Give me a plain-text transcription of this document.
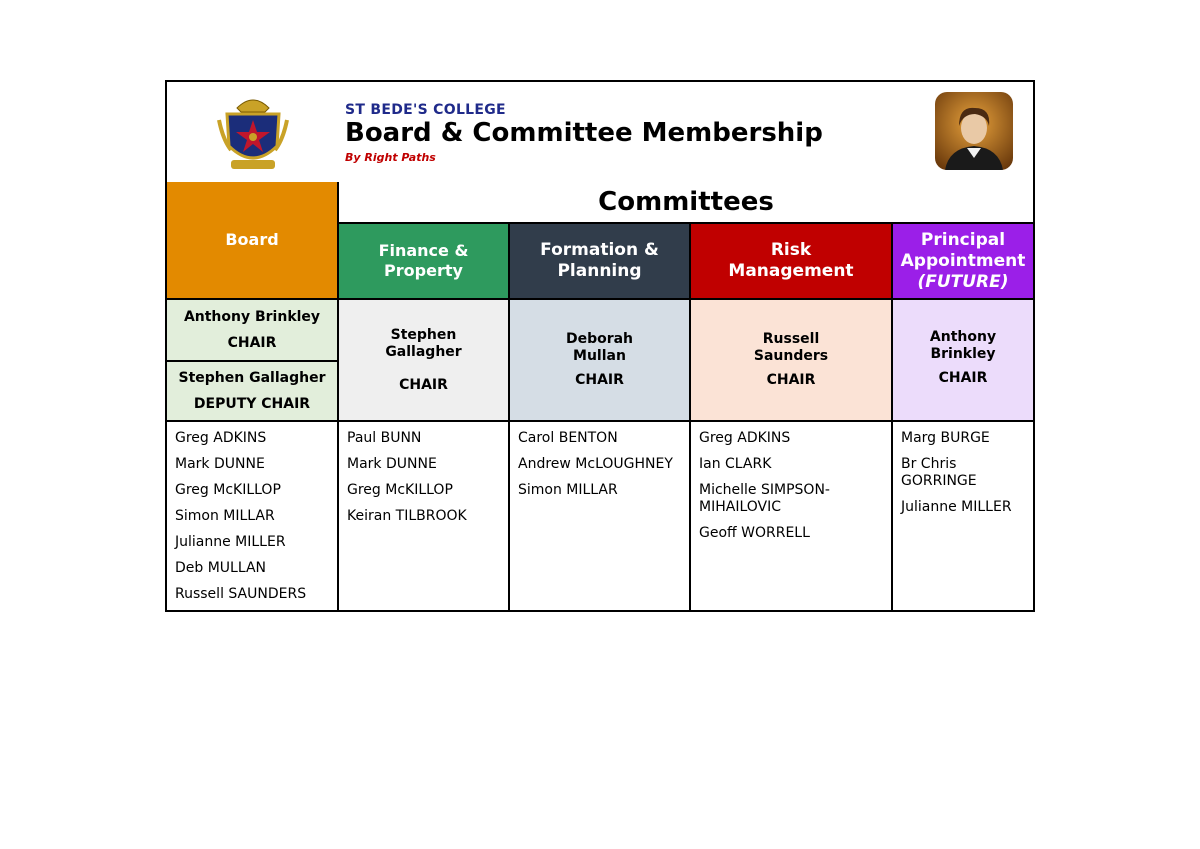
ST BEDE'S COLLEGE
Board & Committee Membership
By Right Paths
Board
Committees
Finance &
Property
Formation &
Planning
Risk
Management
Principal
Appointment
(FUTURE)
Anthony Brinkley
CHAIR
Stephen Gallagher
DEPUTY CHAIR
Stephen
Gallagher
CHAIR
Deborah
Mullan
CHAIR
Russell
Saunders
CHAIR
Anthony
Brinkley
CHAIR
Greg ADKINS
Mark DUNNE
Greg McKILLOP
Simon MILLAR
Julianne MILLER
Deb MULLAN
Russell SAUNDERS
Paul BUNN
Mark DUNNE
Greg McKILLOP
Keiran TILBROOK
Carol BENTON
Andrew McLOUGHNEY
Simon MILLAR
Greg ADKINS
Ian CLARK
Michelle SIMPSON-MIHAILOVIC
Geoff WORRELL
Marg BURGE
Br Chris GORRINGE
Julianne MILLER
